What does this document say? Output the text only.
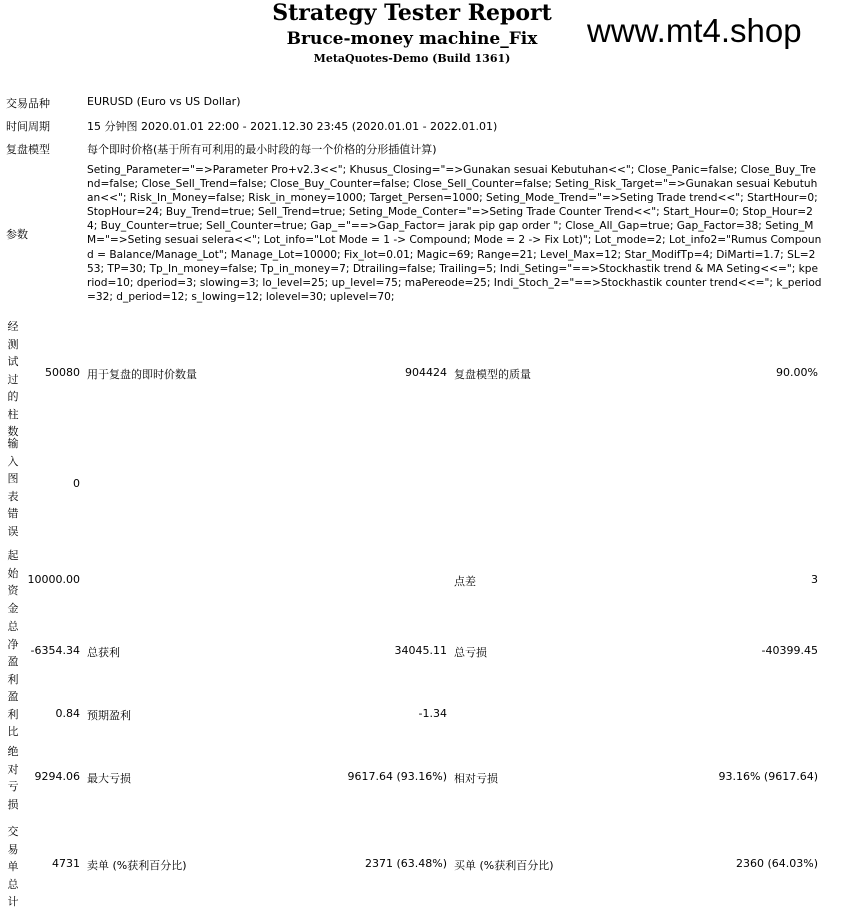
Strategy Tester Report
Bruce-money machine_Fix
MetaQuotes-Demo (Build 1361)
www.mt4.shop
交易品种	EURUSD (Euro vs US Dollar)
时间周期	15 分钟图 2020.01.01 22:00 - 2021.12.30 23:45 (2020.01.01 - 2022.01.01)
复盘模型	每个即时价格(基于所有可利用的最小时段的每一个价格的分形插值计算)
参数
Seting_Parameter="=>Parameter Pro+v2.3<<"; Khusus_Closing="=>Gunakan sesuai Kebutuhan<<"; Close_Panic=false; Close_Buy_Trend=false; Close_Sell_Trend=false; Close_Buy_Counter=false; Close_Sell_Counter=false; Seting_Risk_Target="=>Gunakan sesuai Kebutuhan<<"; Risk_In_Money=false; Risk_in_money=1000; Target_Persen=1000; Seting_Mode_Trend="=>Seting Trade trend<<"; StartHour=0; StopHour=24; Buy_Trend=true; Sell_Trend=true; Seting_Mode_Conter="=>Seting Trade Counter Trend<<"; Start_Hour=0; Stop_Hour=24; Buy_Counter=true; Sell_Counter=true; Gap_="==>Gap_Factor= jarak pip gap order "; Close_All_Gap=true; Gap_Factor=38; Seting_MM="=>Seting sesuai selera<<"; Lot_info="Lot Mode = 1 -> Compound; Mode = 2 -> Fix Lot)"; Lot_mode=2; Lot_info2="Rumus Compound = Balance/Manage_Lot"; Manage_Lot=10000; Fix_lot=0.01; Magic=69; Range=21; Level_Max=12; Star_ModifTp=4; DiMarti=1.7; SL=253; TP=30; Tp_In_money=false; Tp_in_money=7; Dtrailing=false; Trailing=5; Indi_Seting="==>Stockhastik trend & MA Seting<<="; kperiod=10; dperiod=3; slowing=3; lo_level=25; up_level=75; maPereode=25; Indi_Stoch_2="==>Stockhastik counter trend<<="; k_period=32; d_period=12; s_lowing=12; lolevel=30; uplevel=70;
经测试过的柱数
50080 用于复盘的即时价数量	904424 复盘模型的质量	90.00%
输入图表错误
0
起始资金
10000.00	点差	3
总净盈利
-6354.34 总获利	34045.11 总亏损	-40399.45
盈利比
0.84 预期盈利	-1.34
绝对亏损
9294.06 最大亏损	9617.64 (93.16%) 相对亏损	93.16% (9617.64)
交易单总计
4731 卖单 (%获利百分比)	2371 (63.48%) 买单 (%获利百分比)	2360 (64.03%)
